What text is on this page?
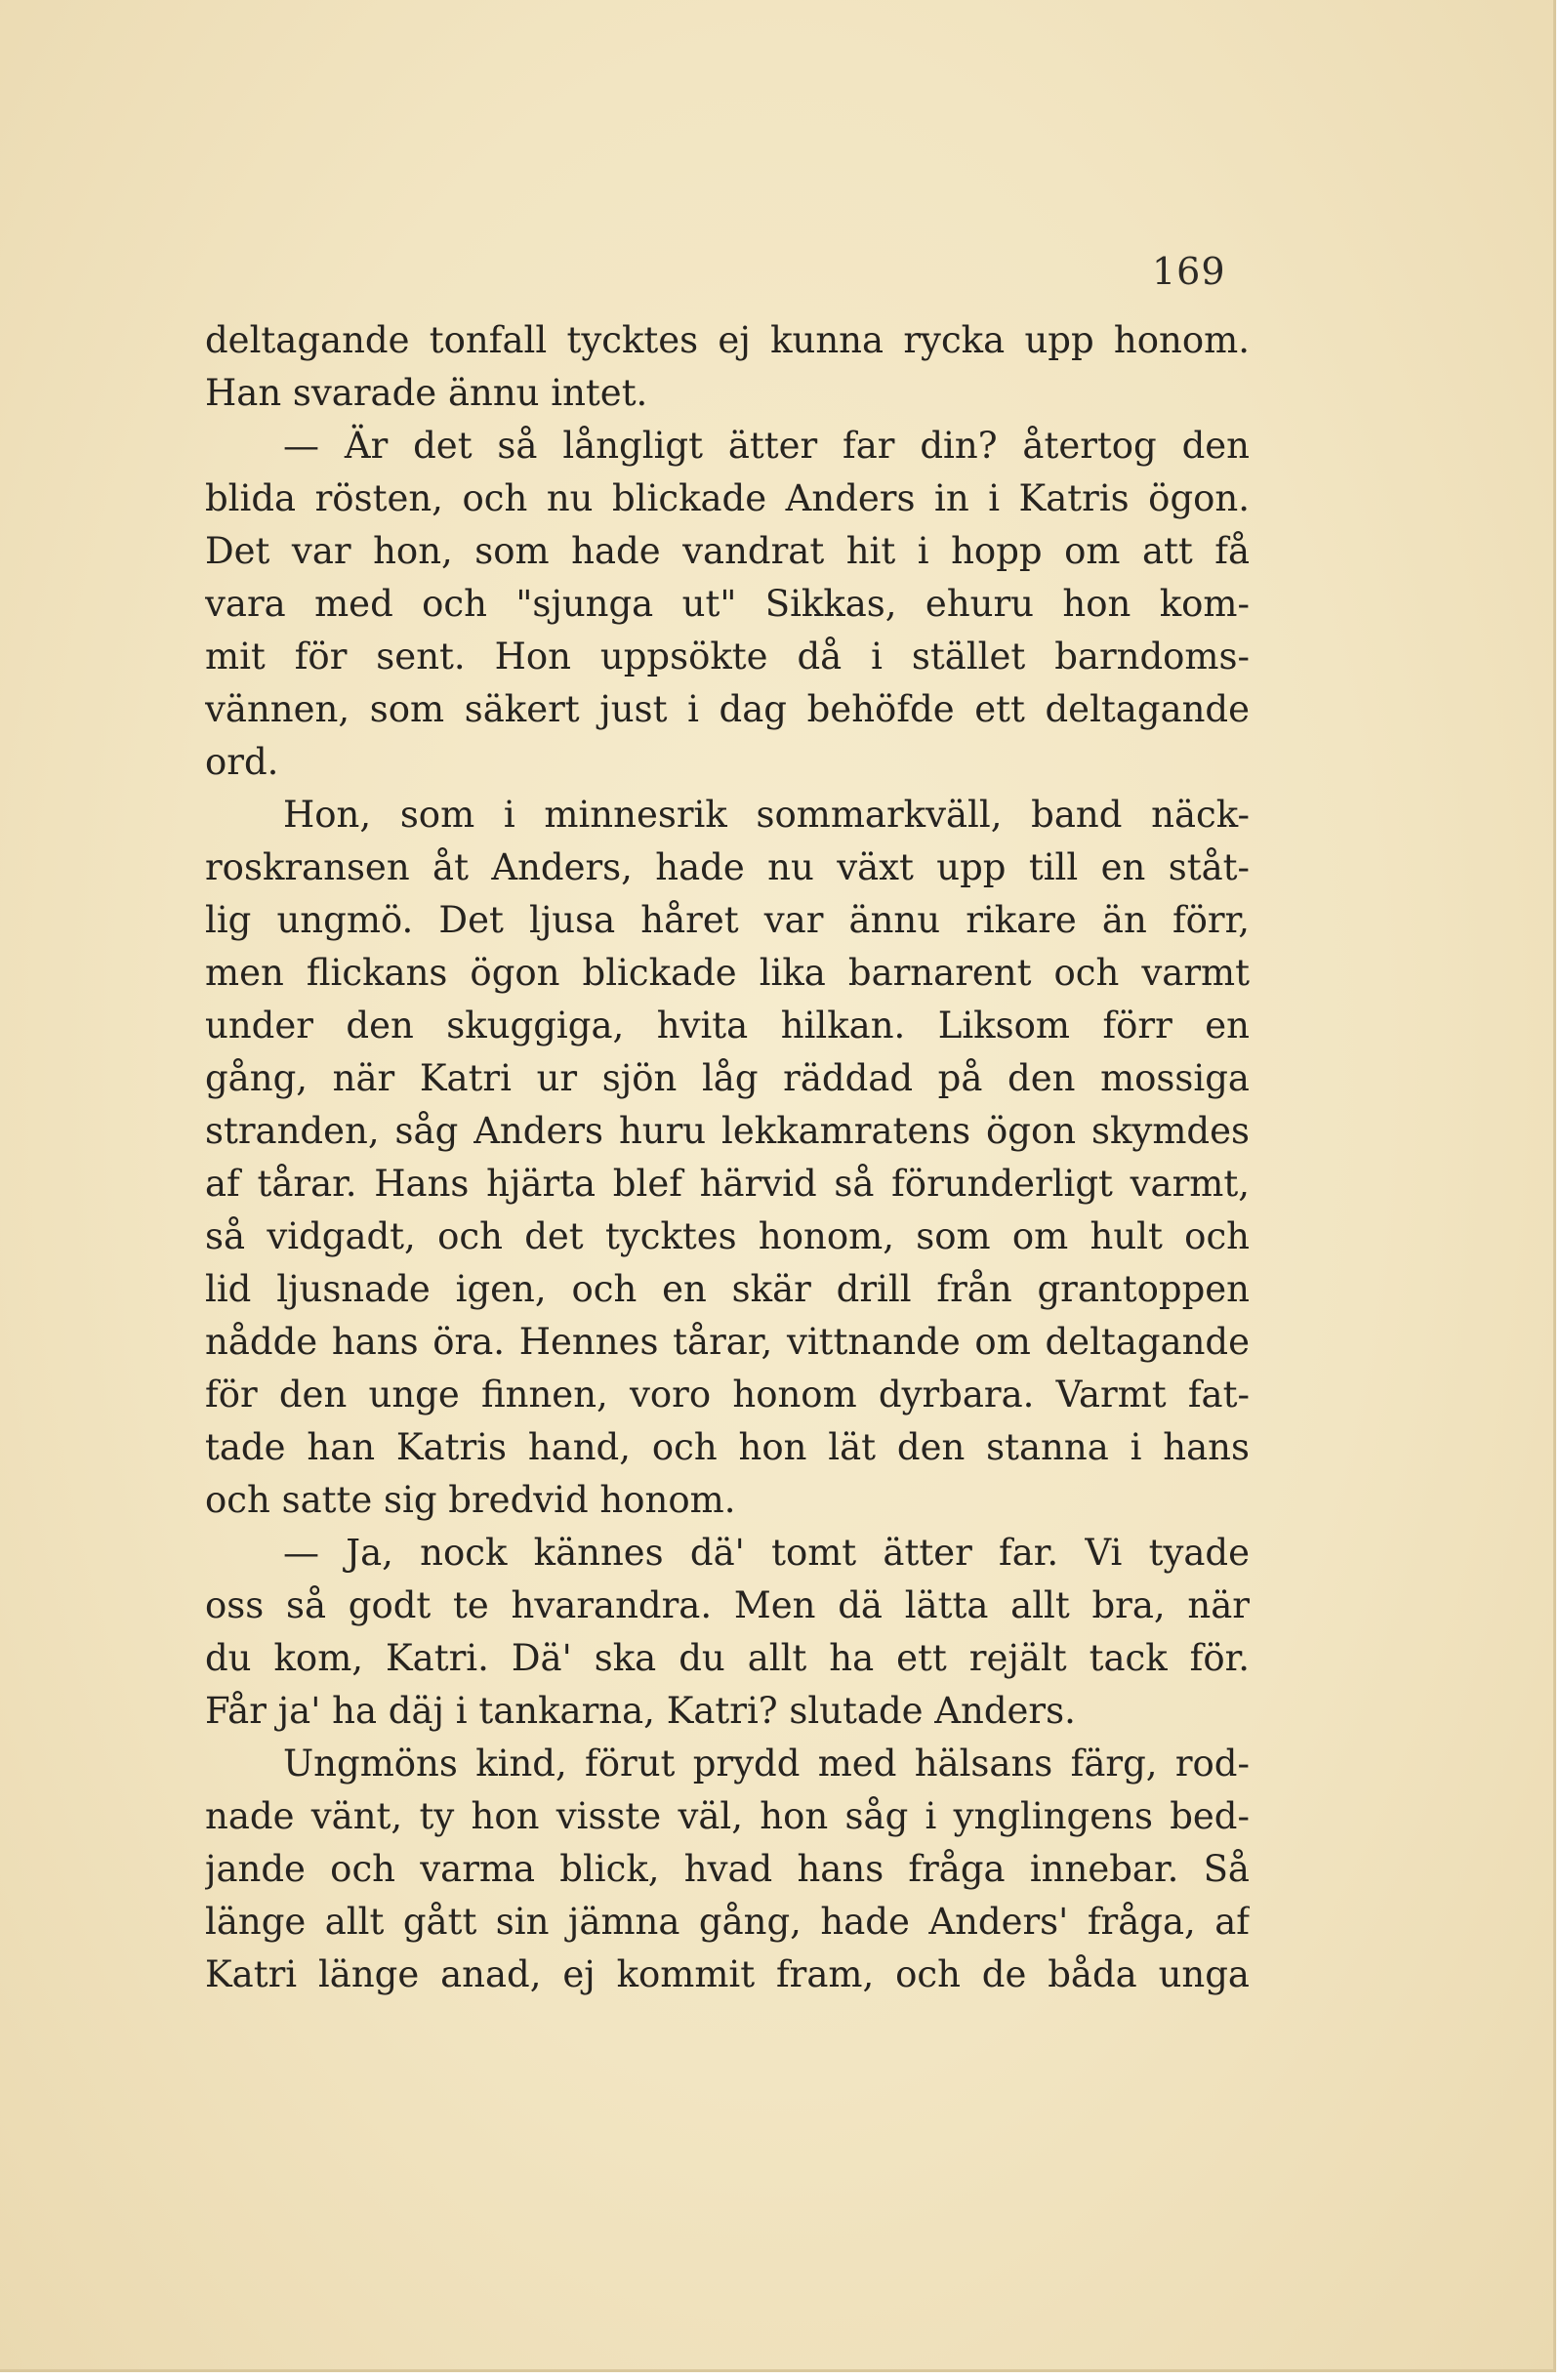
169
deltagande tonfall tycktes ej kunna rycka upp honom.
Han svarade ännu intet.
— Är det så långligt ätter far din? återtog den
blida rösten, och nu blickade Anders in i Katris ögon.
Det var hon, som hade vandrat hit i hopp om att få
vara med och "sjunga ut" Sikkas, ehuru hon kom-
mit för sent. Hon uppsökte då i stället barndoms-
vännen, som säkert just i dag behöfde ett deltagande
ord.
Hon, som i minnesrik sommarkväll, band näck-
roskransen åt Anders, hade nu växt upp till en ståt-
lig ungmö. Det ljusa håret var ännu rikare än förr,
men flickans ögon blickade lika barnarent och varmt
under den skuggiga, hvita hilkan. Liksom förr en
gång, när Katri ur sjön låg räddad på den mossiga
stranden, såg Anders huru lekkamratens ögon skymdes
af tårar. Hans hjärta blef härvid så förunderligt varmt,
så vidgadt, och det tycktes honom, som om hult och
lid ljusnade igen, och en skär drill från grantoppen
nådde hans öra. Hennes tårar, vittnande om deltagande
för den unge finnen, voro honom dyrbara. Varmt fat-
tade han Katris hand, och hon lät den stanna i hans
och satte sig bredvid honom.
— Ja, nock kännes dä' tomt ätter far. Vi tyade
oss så godt te hvarandra. Men dä lätta allt bra, när
du kom, Katri. Dä' ska du allt ha ett rejält tack för.
Får ja' ha däj i tankarna, Katri? slutade Anders.
Ungmöns kind, förut prydd med hälsans färg, rod-
nade vänt, ty hon visste väl, hon såg i ynglingens bed-
jande och varma blick, hvad hans fråga innebar. Så
länge allt gått sin jämna gång, hade Anders' fråga, af
Katri länge anad, ej kommit fram, och de båda unga
